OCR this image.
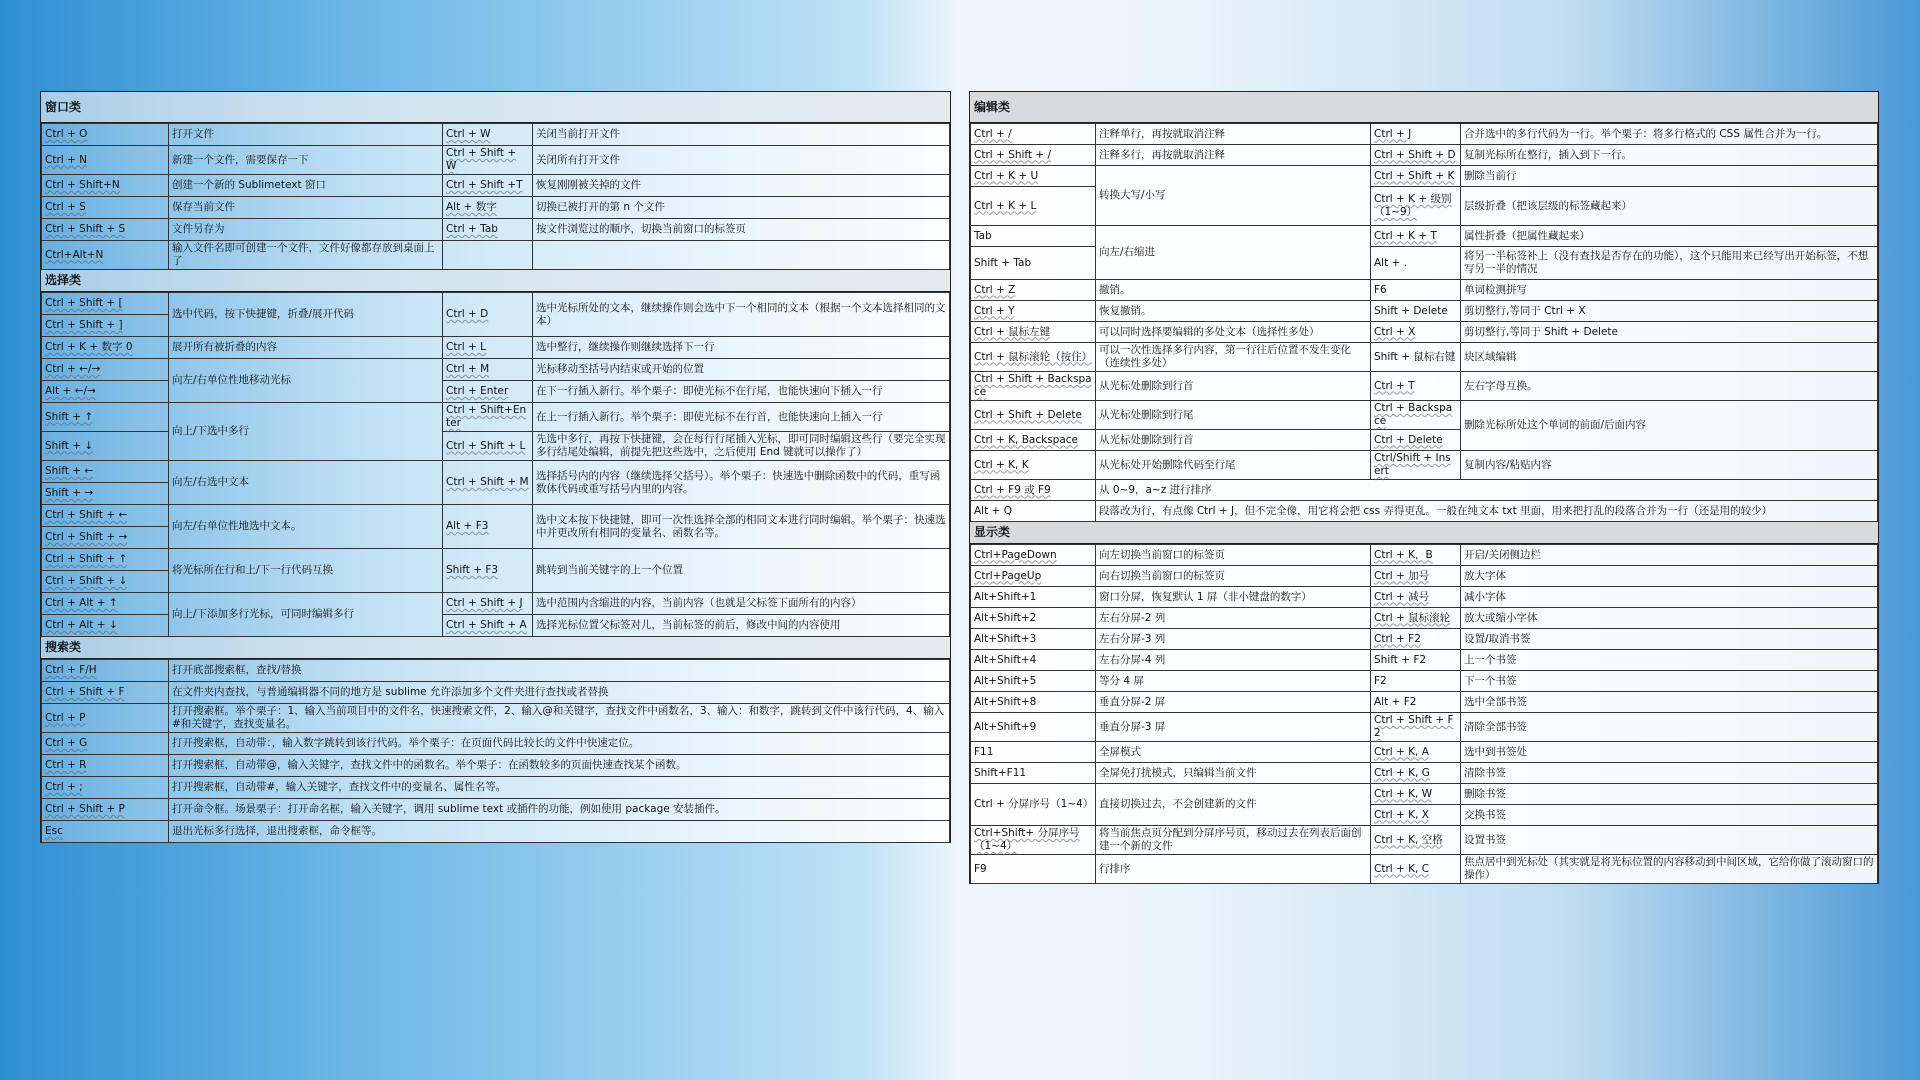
窗口类
Ctrl + O	打开文件	Ctrl + W	关闭当前打开文件
Ctrl + N	新建一个文件，需要保存一下	Ctrl + Shift + W	关闭所有打开文件
Ctrl + Shift+N	创建一个新的 Sublimetext 窗口	Ctrl + Shift +T	恢复刚刚被关掉的文件
Ctrl + S	保存当前文件	Alt + 数字	切换已被打开的第 n 个文件
Ctrl + Shift + S	文件另存为	Ctrl + Tab	按文件浏览过的顺序，切换当前窗口的标签页
Ctrl+Alt+N	输入文件名即可创建一个文件，文件好像都存放到桌面上了		
选择类
Ctrl + Shift + [	选中代码，按下快捷键，折叠/展开代码	Ctrl + D	选中光标所处的文本，继续操作则会选中下一个相同的文本（根据一个文本选择相同的文本）
Ctrl + Shift + ]			
Ctrl + K + 数字 0	展开所有被折叠的内容	Ctrl + L	选中整行，继续操作则继续选择下一行
Ctrl + ←/→	向左/右单位性地移动光标	Ctrl + M	光标移动至括号内结束或开始的位置
Alt + ←/→		Ctrl + Enter	在下一行插入新行。举个栗子：即使光标不在行尾，也能快速向下插入一行
Shift + ↑	向上/下选中多行	Ctrl + Shift+Enter	在上一行插入新行。举个栗子：即使光标不在行首，也能快速向上插入一行
Shift + ↓		Ctrl + Shift + L	先选中多行，再按下快捷键，会在每行行尾插入光标，即可同时编辑这些行（要完全实现多行结尾处编辑，前提先把这些选中，之后使用 End 键就可以操作了）
Shift + ←	向左/右选中文本	Ctrl + Shift + M	选择括号内的内容（继续选择父括号）。举个栗子：快速选中删除函数中的代码，重写函数体代码或重写括号内里的内容。
Shift + →			
Ctrl + Shift + ←	向左/右单位性地选中文本。	Alt + F3	选中文本按下快捷键，即可一次性选择全部的相同文本进行同时编辑。举个栗子：快速选中并更改所有相同的变量名、函数名等。
Ctrl + Shift + →			
Ctrl + Shift + ↑	将光标所在行和上/下一行代码互换	Shift + F3	跳转到当前关键字的上一个位置
Ctrl + Shift + ↓			
Ctrl + Alt + ↑	向上/下添加多行光标，可同时编辑多行	Ctrl + Shift + J	选中范围内含缩进的内容，当前内容（也就是父标签下面所有的内容）
Ctrl + Alt + ↓		Ctrl + Shift + A	选择光标位置父标签对儿，当前标签的前后，修改中间的内容使用
搜索类
Ctrl + F/H	打开底部搜索框，查找/替换
Ctrl + Shift + F	在文件夹内查找，与普通编辑器不同的地方是 sublime 允许添加多个文件夹进行查找或者替换
Ctrl + P	打开搜索框。举个栗子：1、输入当前项目中的文件名，快速搜索文件，2、输入@和关键字，查找文件中函数名，3、输入：和数字，跳转到文件中该行代码，4、输入#和关键字，查找变量名。
Ctrl + G	打开搜索框，自动带：，输入数字跳转到该行代码。举个栗子：在页面代码比较长的文件中快速定位。
Ctrl + R	打开搜索框，自动带@，输入关键字，查找文件中的函数名。举个栗子：在函数较多的页面快速查找某个函数。
Ctrl + ;	打开搜索框，自动带#，输入关键字，查找文件中的变量名、属性名等。
Ctrl + Shift + P	打开命令框。场景栗子：打开命名框，输入关键字，调用 sublime text 或插件的功能，例如使用 package 安装插件。
Esc	退出光标多行选择，退出搜索框，命令框等。
编辑类
Ctrl + /	注释单行，再按就取消注释	Ctrl + J	合并选中的多行代码为一行。举个栗子：将多行格式的 CSS 属性合并为一行。
Ctrl + Shift + /	注释多行，再按就取消注释	Ctrl + Shift + D	复制光标所在整行，插入到下一行。
Ctrl + K + U	转换大写/小写	Ctrl + Shift + K	删除当前行
Ctrl + K + L		Ctrl + K + 级别（1~9）	层级折叠（把该层级的标签藏起来）
Tab	向左/右缩进	Ctrl + K + T	属性折叠（把属性藏起来）
Shift + Tab		Alt + .	将另一半标签补上（没有查找是否存在的功能），这个只能用来已经写出开始标签，不想写另一半的情况
Ctrl + Z	撤销。	F6	单词检测拼写
Ctrl + Y	恢复撤销。	Shift + Delete	剪切整行,等同于 Ctrl + X
Ctrl + 鼠标左键	可以同时选择要编辑的多处文本（选择性多处）	Ctrl + X	剪切整行,等同于 Shift + Delete
Ctrl + 鼠标滚轮（按住）	可以一次性选择多行内容，第一行往后位置不发生变化（连续性多处）	Shift + 鼠标右键	块区域编辑
Ctrl + Shift + Backspace	从光标处删除到行首	Ctrl + T	左右字母互换。
Ctrl + Shift + Delete	从光标处删除到行尾	Ctrl + Backspace	删除光标所处这个单词的前面/后面内容
Ctrl + K, Backspace	从光标处删除到行首	Ctrl + Delete	
Ctrl + K, K	从光标处开始删除代码至行尾	Ctrl/Shift + Insert	复制内容/粘贴内容
Ctrl + F9 或 F9	从 0~9，a~z 进行排序		
Alt + Q	段落改为行，有点像 Ctrl + J，但不完全像，用它将会把 css 弄得更乱。一般在纯文本 txt 里面，用来把打乱的段落合并为一行（还是用的较少）		
显示类
Ctrl+PageDown	向左切换当前窗口的标签页	Ctrl + K，B	开启/关闭侧边栏
Ctrl+PageUp	向右切换当前窗口的标签页	Ctrl + 加号	放大字体
Alt+Shift+1	窗口分屏，恢复默认 1 屏（非小键盘的数字）	Ctrl + 减号	减小字体
Alt+Shift+2	左右分屏-2 列	Ctrl + 鼠标滚轮	放大或缩小字体
Alt+Shift+3	左右分屏-3 列	Ctrl + F2	设置/取消书签
Alt+Shift+4	左右分屏-4 列	Shift + F2	上一个书签
Alt+Shift+5	等分 4 屏	F2	下一个书签
Alt+Shift+8	垂直分屏-2 屏	Alt + F2	选中全部书签
Alt+Shift+9	垂直分屏-3 屏	Ctrl + Shift + F2	清除全部书签
F11	全屏模式	Ctrl + K, A	选中到书签处
Shift+F11	全屏免打扰模式，只编辑当前文件	Ctrl + K, G	清除书签
Ctrl + 分屏序号（1~4）	直接切换过去，不会创建新的文件	Ctrl + K, W	删除书签
		Ctrl + K, X	交换书签
Ctrl+Shift+ 分屏序号（1~4）	将当前焦点页分配到分屏序号页，移动过去在列表后面创建一个新的文件	Ctrl + K, 空格	设置书签
F9	行排序	Ctrl + K, C	焦点居中到光标处（其实就是将光标位置的内容移动到中间区域，它给你做了滚动窗口的操作）
